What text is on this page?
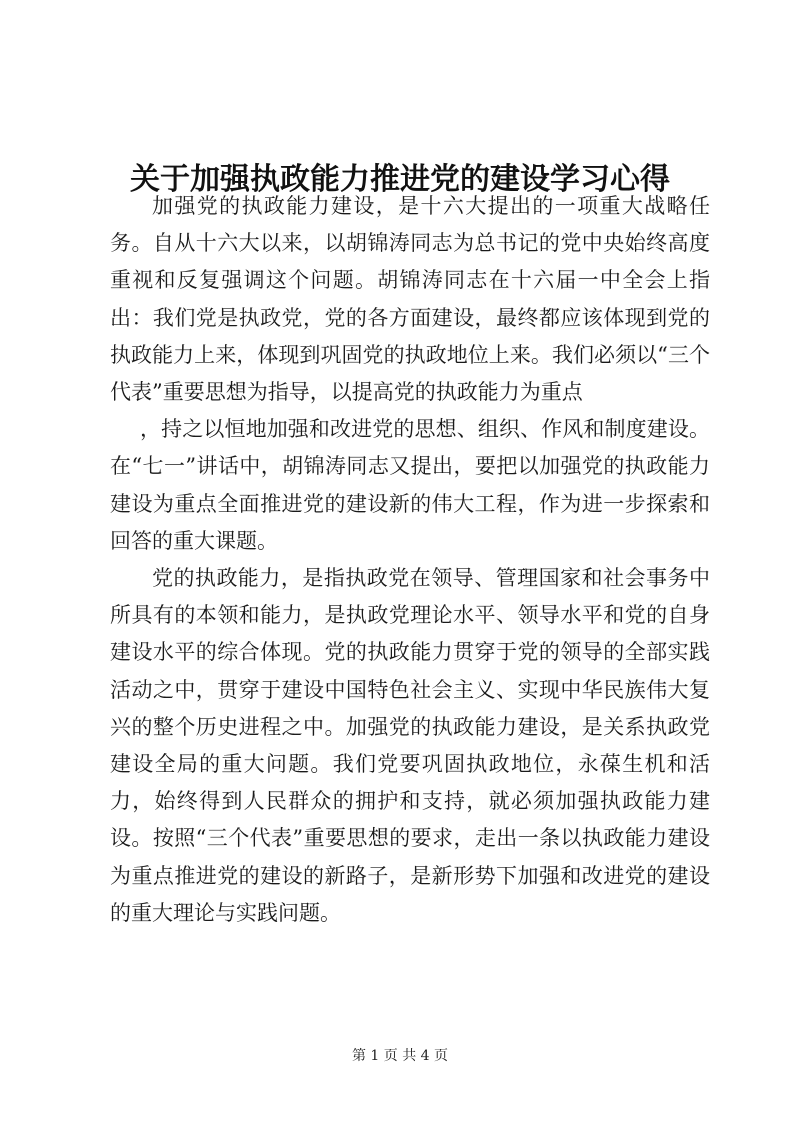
关于加强执政能力推进党的建设学习心得

加强党的执政能力建设，是十六大提出的一项重大战略任务。自从十六大以来，以胡锦涛同志为总书记的党中央始终高度重视和反复强调这个问题。胡锦涛同志在十六届一中全会上指出：我们党是执政党，党的各方面建设，最终都应该体现到党的执政能力上来，体现到巩固党的执政地位上来。我们必须以“三个代表”重要思想为指导，以提高党的执政能力为重点

，持之以恒地加强和改进党的思想、组织、作风和制度建设。在“七一”讲话中，胡锦涛同志又提出，要把以加强党的执政能力建设为重点全面推进党的建设新的伟大工程，作为进一步探索和回答的重大课题。

党的执政能力，是指执政党在领导、管理国家和社会事务中所具有的本领和能力，是执政党理论水平、领导水平和党的自身建设水平的综合体现。党的执政能力贯穿于党的领导的全部实践活动之中，贯穿于建设中国特色社会主义、实现中华民族伟大复兴的整个历史进程之中。加强党的执政能力建设，是关系执政党建设全局的重大问题。我们党要巩固执政地位，永葆生机和活力，始终得到人民群众的拥护和支持，就必须加强执政能力建设。按照“三个代表”重要思想的要求，走出一条以执政能力建设为重点推进党的建设的新路子，是新形势下加强和改进党的建设的重大理论与实践问题。

第 1 页 共 4 页
